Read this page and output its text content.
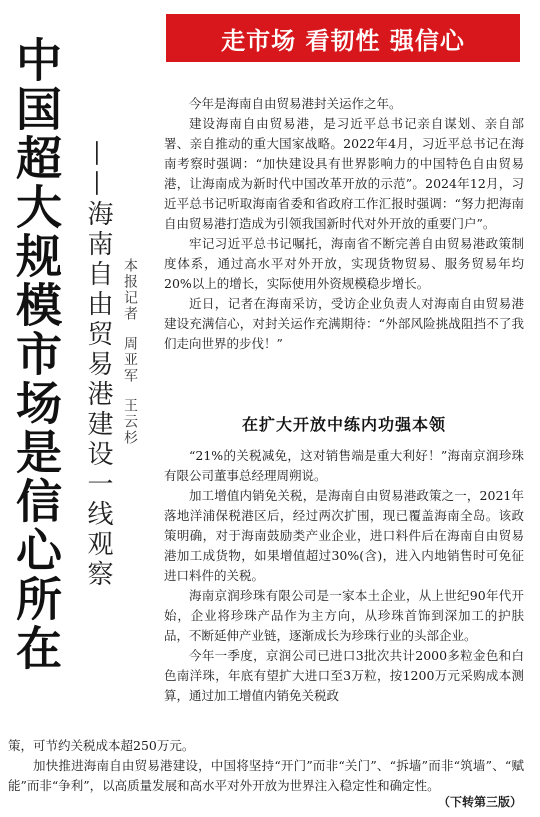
走市场 看韧性 强信心
中国超大规模市场是信心所在 ——海南自由贸易港建设一线观察 本报记者周亚军王云杉

今年是海南自由贸易港封关运作之年。

建设海南自由贸易港，是习近平总书记亲自谋划、亲自部署、亲自推动的重大国家战略。2022年4月，习近平总书记在海南考察时强调：“加快建设具有世界影响力的中国特色自由贸易港，让海南成为新时代中国改革开放的示范”。2024年12月，习近平总书记听取海南省委和省政府工作汇报时强调：“努力把海南自由贸易港打造成为引领我国新时代对外开放的重要门户”。

牢记习近平总书记嘱托，海南省不断完善自由贸易港政策制度体系，通过高水平对外开放，实现货物贸易、服务贸易年均20%以上的增长，实际使用外资规模稳步增长。

近日，记者在海南采访，受访企业负责人对海南自由贸易港建设充满信心，对封关运作充满期待：“外部风险挑战阻挡不了我们走向世界的步伐！”

在扩大开放中练内功强本领

“21%的关税减免，这对销售端是重大利好！”海南京润珍珠有限公司董事总经理周朔说。

加工增值内销免关税，是海南自由贸易港政策之一，2021年落地洋浦保税港区后，经过两次扩围，现已覆盖海南全岛。该政策明确，对于海南鼓励类产业企业，进口料件后在海南自由贸易港加工成货物，如果增值超过30%(含)，进入内地销售时可免征进口料件的关税。

海南京润珍珠有限公司是一家本土企业，从上世纪90年代开始，企业将珍珠产品作为主方向，从珍珠首饰到深加工的护肤品，不断延伸产业链，逐渐成长为珍珠行业的头部企业。

今年一季度，京润公司已进口3批次共计2000多粒金色和白色南洋珠，年底有望扩大进口至3万粒，按1200万元采购成本测算，通过加工增值内销免关税政

策，可节约关税成本超250万元。

加快推进海南自由贸易港建设，中国将坚持“开门”而非“关门”、“拆墙”而非“筑墙”、“赋能”而非“争利”，以高质量发展和高水平对外开放为世界注入稳定性和确定性。

（下转第三版）
